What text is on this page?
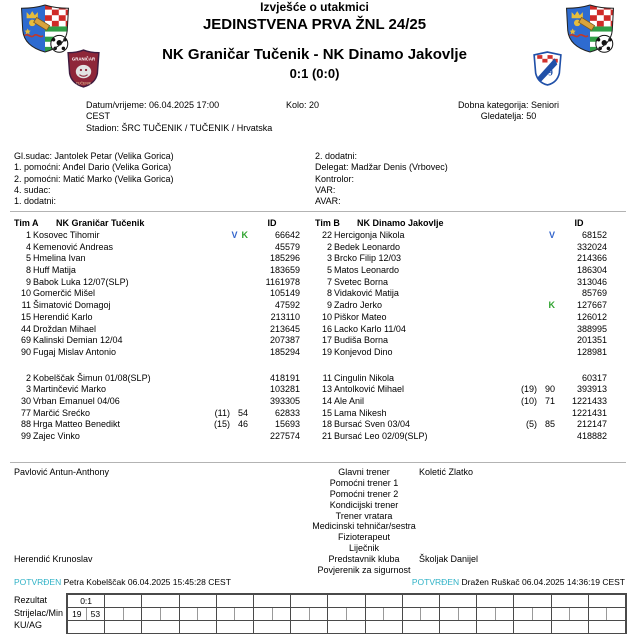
GRANIČAR
TUČENIK
9
Izvješće o utakmici
JEDINSTVENA PRVA ŽNL 24/25
NK Graničar Tučenik - NK Dinamo Jakovlje
0:1 (0:0)
Datum/vrijeme: 06.04.2025 17:00
CEST
Stadion: ŠRC TUČENIK / TUČENIK / Hrvatska
Kolo: 20	Dobna kategorija: Seniori
Gledatelja: 50
Gl.sudac: Jantolek Petar (Velika Gorica)
1. pomoćni: Anđel Dario (Velika Gorica)
2. pomoćni: Matić Marko (Velika Gorica)
4. sudac:
1. dodatni:
2. dodatni:
Delegat: Madžar Denis (Vrbovec)
Kontrolor:
VAR:
AVAR:
Tim A	NK Graničar Tučenik	ID
1 Kosovec Tihomir	V K	66642
4 Kemenović Andreas	45579
5 Hmelina Ivan	185296
8 Huff Matija	183659
9 Babok Luka 12/07(SLP)	1161978
10 Gomerčić Mišel	105149
11 Šimatović Domagoj	47592
15 Herendić Karlo	213110
44 Droždan Mihael	213645
69 Kalinski Demian 12/04	207387
90 Fugaj Mislav Antonio	185294
2 Kobelščak Šimun 01/08(SLP)	418191
3 Martinčević Marko	103281
30 Vrban Emanuel 04/06	393305
77 Marčić Srećko	(11) 54	62833
88 Hrga Matteo Benedikt	(15) 46	15693
99 Zajec Vinko	227574
Tim B	NK Dinamo Jakovlje	ID
22 Hercigonja Nikola	V	68152
2 Bedek Leonardo	332024
3 Brcko Filip 12/03	214366
5 Matos Leonardo	186304
7 Svetec Borna	313046
8 Vidaković Matija	85769
9 Zadro Jerko	K	127667
10 Piškor Mateo	126012
16 Lacko Karlo 11/04	388995
17 Budiša Borna	201351
19 Konjevod Dino	128981
11 Cingulin Nikola	60317
13 Antolković Mihael	(19) 90	393913
14 Ale Anil	(10) 71	1221433
15 Lama Nikesh	1221431
18 Bursać Sven 03/04	(5) 85	212147
21 Bursać Leo 02/09(SLP)	418882
Pavlović Antun-Anthony	Glavni trener	Koletić Zlatko
Pomoćni trener 1
Pomoćni trener 2
Kondicijski trener
Trener vratara
Medicinski tehničar/sestra
Fizioterapeut
Liječnik
Herendić Krunoslav	Predstavnik kluba	Školjak Danijel
Povjerenik za sigurnost
POTVRĐEN Petra Kobelščak 06.04.2025 15:45:28 CEST	POTVRĐEN Dražen Ruškač 06.04.2025 14:36:19 CEST
Rezultat
Strijelac/Min
KU/AG
0:1
19	53
